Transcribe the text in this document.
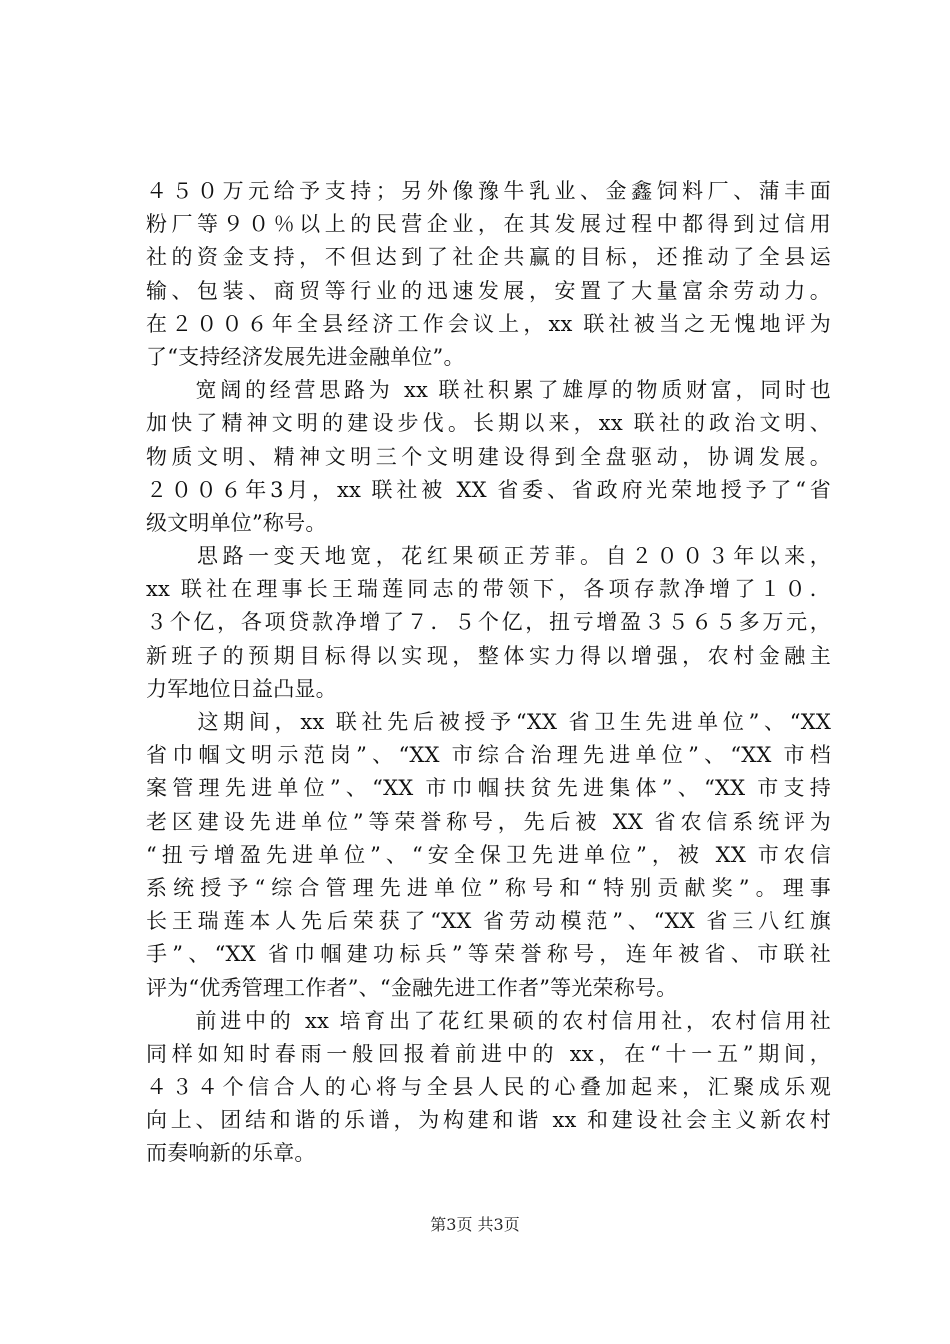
４５０万元给予支持；另外像豫牛乳业、金鑫饲料厂、蒲丰面
粉厂等９０％以上的民营企业，在其发展过程中都得到过信用
社的资金支持，不但达到了社企共赢的目标，还推动了全县运
输、包装、商贸等行业的迅速发展，安置了大量富余劳动力。
在２００６年全县经济工作会议上，xx 联社被当之无愧地评为
了“支持经济发展先进金融单位”。
　　宽阔的经营思路为 xx 联社积累了雄厚的物质财富，同时也
加快了精神文明的建设步伐。长期以来，xx 联社的政治文明、
物质文明、精神文明三个文明建设得到全盘驱动，协调发展。
２００６年3月，xx 联社被 XX 省委、省政府光荣地授予了“省
级文明单位”称号。
　　思路一变天地宽，花红果硕正芳菲。自２００３年以来，
xx 联社在理事长王瑞莲同志的带领下，各项存款净增了１０．
３个亿，各项贷款净增了７．５个亿，扭亏增盈３５６５多万元，
新班子的预期目标得以实现，整体实力得以增强，农村金融主
力军地位日益凸显。
　　这期间，xx 联社先后被授予“XX 省卫生先进单位”、“XX
省巾帼文明示范岗”、“XX 市综合治理先进单位”、“XX 市档
案管理先进单位”、“XX 市巾帼扶贫先进集体”、“XX 市支持
老区建设先进单位”等荣誉称号，先后被 XX 省农信系统评为
“扭亏增盈先进单位”、“安全保卫先进单位”，被 XX 市农信
系统授予“综合管理先进单位”称号和“特别贡献奖”。理事
长王瑞莲本人先后荣获了“XX 省劳动模范”、“XX 省三八红旗
手”、“XX 省巾帼建功标兵”等荣誉称号，连年被省、市联社
评为“优秀管理工作者”、“金融先进工作者”等光荣称号。
　　前进中的 xx 培育出了花红果硕的农村信用社，农村信用社
同样如知时春雨一般回报着前进中的 xx，在“十一五”期间，
４３４个信合人的心将与全县人民的心叠加起来，汇聚成乐观
向上、团结和谐的乐谱，为构建和谐 xx 和建设社会主义新农村
而奏响新的乐章。
第3页 共3页
